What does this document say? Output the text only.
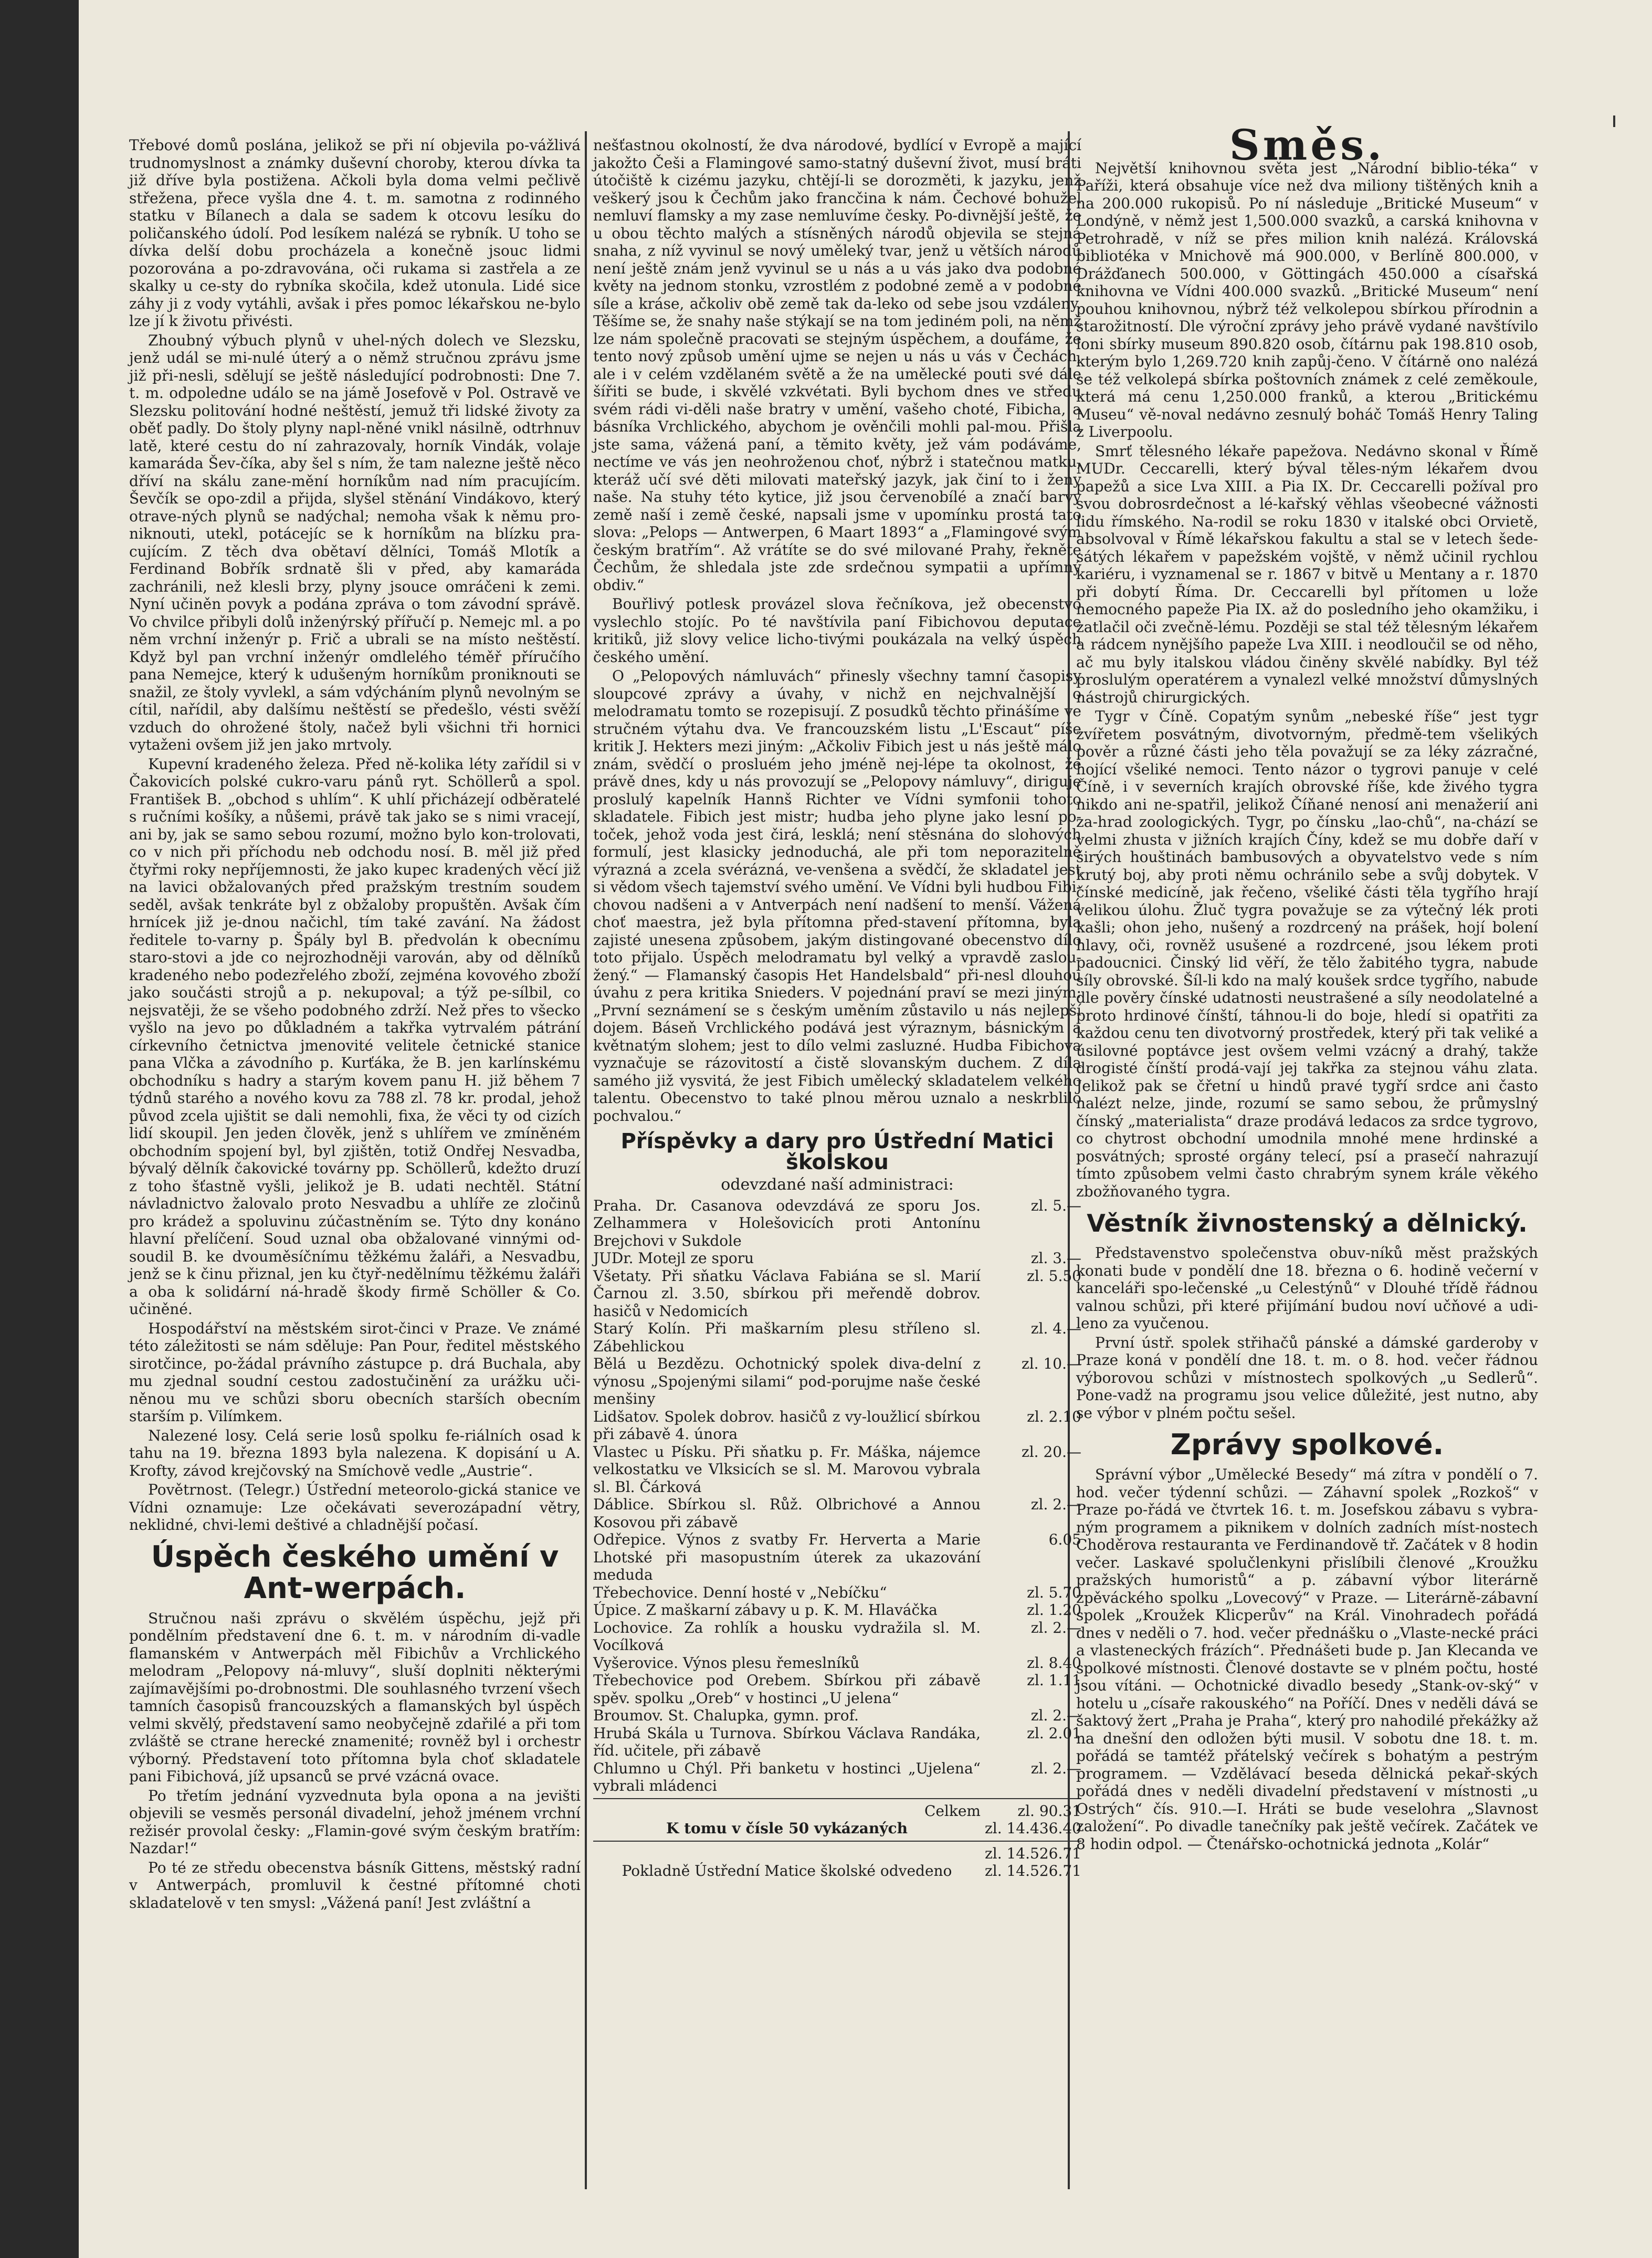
Třebové domů poslána, jelikož se při ní objevila po-vážlivá trudnomyslnost a známky duševní choroby, kterou dívka ta již dříve byla postižena. Ačkoli byla doma velmi pečlivě střežena, přece vyšla dne 4. t. m. samotna z rodinného statku v Bílanech a dala se sadem k otcovu lesíku do poličanského údolí. Pod lesíkem nalézá se rybník. U toho se dívka delší dobu procházela a konečně jsouc lidmi pozorována a po-zdravována, oči rukama si zastřela a ze skalky u ce-sty do rybníka skočila, kdež utonula. Lidé sice záhy ji z vody vytáhli, avšak i přes pomoc lékařskou ne-bylo lze jí k životu přivésti.

Zhoubný výbuch plynů v uhel-ných dolech ve Slezsku, jenž udál se mi-nulé úterý a o němž stručnou zprávu jsme již při-nesli, sdělují se ještě následující podrobnosti: Dne 7. t. m. odpoledne událo se na jámě Josefově v Pol. Ostravě ve Slezsku politování hodné neštěstí, jemuž tři lidské životy za oběť padly. Do štoly plyny napl-něné vnikl násilně, odtrhnuv latě, které cestu do ní zahrazovaly, horník Vindák, volaje kamaráda Šev-číka, aby šel s ním, že tam nalezne ještě něco dříví na skálu zane-mění horníkům nad ním pracujícím. Ševčík se opo-zdil a přijda, slyšel stěnání Vindákovo, který otrave-ných plynů se nadýchal; nemoha však k němu pro-niknouti, utekl, potácejíc se k horníkům na blízku pra-cujícím. Z těch dva obětaví dělníci, Tomáš Mlotík a Ferdinand Bobřík srdnatě šli v před, aby kamaráda zachránili, než klesli brzy, plyny jsouce omráčeni k zemi. Nyní učiněn povyk a podána zpráva o tom závodní správě. Vo chvilce přibyli dolů inženýrský přířučí p. Nemejc ml. a po něm vrchní inženýr p. Frič a ubrali se na místo neštěstí. Když byl pan vrchní inženýr omdlelého téměř příručího pana Nemejce, který k udušeným horníkům proniknouti se snažil, ze štoly vyvlekl, a sám vdýcháním plynů nevolným se cítil, nařídil, aby dalšímu neštěstí se předešlo, vésti svěží vzduch do ohrožené štoly, načež byli všichni tři hornici vytaženi ovšem již jen jako mrtvoly.

Kupevní kradeného železa. Před ně-kolika léty zařídil si v Čakovicích polské cukro-varu pánů ryt. Schöllerů a spol. František B. „obchod s uhlím“. K uhlí přicházejí odběratelé s ručními košíky, a nůšemi, právě tak jako se s nimi vracejí, ani by, jak se samo sebou rozumí, možno bylo kon-trolovati, co v nich při příchodu neb odchodu nosí. B. měl již před čtyřmi roky nepříjemnosti, že jako kupec kradených věcí již na lavici obžalovaných před pražským trestním soudem seděl, avšak tenkráte byl z obžaloby propuštěn. Avšak čím hrnícek již je-dnou načichl, tím také zavání. Na žádost ředitele to-varny p. Špály byl B. předvolán k obecnímu staro-stovi a jde co nejrozhodněji varován, aby od dělníků kradeného nebo podezřelého zboží, zejména kovového zboží jako součásti strojů a p. nekupoval; a týž pe-sílbil, co nejsvatěji, že se všeho podobného zdrží. Než přes to všecko vyšlo na jevo po důkladném a takřka vytrvalém pátrání církevního četnictva jmenovité velitele četnické stanice pana Vlčka a závodního p. Kurťáka, že B. jen karlínskému obchodníku s hadry a starým kovem panu H. již během 7 týdnů starého a nového kovu za 788 zl. 78 kr. prodal, jehož původ zcela ujištit se dali nemohli, fixa, že věci ty od cizích lidí skoupil. Jen jeden člověk, jenž s uhlířem ve zmíněném obchodním spojení byl, byl zjištěn, totiž Ondřej Nesvadba, bývalý dělník čakovické továrny pp. Schöllerů, kdežto druzí z toho šťastně vyšli, jelikož je B. udati nechtěl. Státní návladnictvo žalovalo proto Nesvadbu a uhlíře ze zločinů pro krádež a spoluvinu zúčastněním se. Týto dny konáno hlavní přelíčení. Soud uznal oba obžalované vinnými od-soudil B. ke dvouměsíčnímu těžkému žaláři, a Nesvadbu, jenž se k činu přiznal, jen ku čtyř-nedělnímu těžkému žaláři a oba k solidární ná-hradě škody firmě Schöller & Co. učiněné.

Hospodářství na městském sirot-činci v Praze. Ve známé této záležitosti se nám sděluje: Pan Pour, ředitel městského sirotčince, po-žádal právního zástupce p. drá Buchala, aby mu zjednal soudní cestou zadostučinění za urážku uči-něnou mu ve schůzi sboru obecních starších obecním starším p. Vilímkem.

Nalezené losy. Celá serie losů spolku fe-riálních osad k tahu na 19. března 1893 byla nalezena. K dopisání u A. Krofty, závod krejčovský na Smíchově vedle „Austrie“.

Povětrnost. (Telegr.) Ústřední meteorolo-gická stanice ve Vídni oznamuje: Lze očekávati severozápadní větry, neklidné, chvi-lemi deštivé a chladnější počasí.

Úspěch českého umění v Ant-werpách.

Stručnou naši zprávu o skvělém úspěchu, jejž při pondělním představení dne 6. t. m. v národním di-vadle flamanském v Antwerpách měl Fibichův a Vrchlického melodram „Pelopovy ná-mluvy“, sluší doplniti některými zajímavějšími po-drobnostmi. Dle souhlasného tvrzení všech tamních časopisů francouzských a flamanských byl úspěch velmi skvělý, představení samo neobyčejně zdařilé a při tom zvláště se ctrane herecké znamenité; rovněž byl i orchestr výborný. Představení toto přítomna byla choť skladatele pani Fibichová, jíž upsanců se prvé vzácná ovace.

Po třetím jednání vyzvednuta byla opona a na jevišti objevili se vesměs personál divadelní, jehož jménem vrchní režisér provolal česky: „Flamin-gové svým českým bratřím: Nazdar!“

Po té ze středu obecenstva básník Gittens, městský radní v Antwerpách, promluvil k čestné přítomné choti skladatelově v ten smysl: „Vážená paní! Jest zvláštní a

nešťastnou okolností, že dva národové, bydlící v Evropě a mající jakožto Češi a Flamingové samo-statný duševní život, musí bráti útočiště k cizému jazyku, chtějí-li se dorozměti, k jazyku, jenž veškerý jsou k Čechům jako francčina k nám. Čechové bohužel nemluví flamsky a my zase nemluvíme česky. Po-divnější ještě, že u obou těchto malých a stísněných národů objevila se stejná snaha, z níž vyvinul se nový uměleký tvar, jenž u větších národů není ještě znám jenž vyvinul se u nás a u vás jako dva podobné květy na jednom stonku, vzrostlém z podobné země a v podobné síle a kráse, ačkoliv obě země tak da-leko od sebe jsou vzdáleny. Těšíme se, že snahy naše stýkají se na tom jediném poli, na němž lze nám společně pracovati se stejným úspěchem, a doufáme, že tento nový způsob umění ujme se nejen u nás u vás v Čechách, ale i v celém vzdělaném světě a že na umělecké pouti své dále šířiti se bude, i skvělé vzkvétati. Byli bychom dnes ve středu svém rádi vi-děli naše bratry v umění, vašeho choté, Fibicha, a básníka Vrchlického, abychom je ověnčili mohli pal-mou. Přišla jste sama, vážená paní, a těmito květy, jež vám podáváme, nectíme ve vás jen neohroženou choť, nýbrž i statečnou matku, kteráž učí své děti milovati mateřský jazyk, jak činí to i ženy naše. Na stuhy této kytice, již jsou červenobílé a značí barvy země naší i země české, napsali jsme v upomínku prostá tato slova: „Pelops — Antwerpen, 6 Maart 1893“ a „Flamingové svým českým bratřím“. Až vrátíte se do své milované Prahy, řekněte Čechům, že shledala jste zde srdečnou sympatii a upřímný obdiv.“

Bouřlivý potlesk provázel slova řečníkova, jež obecenstvo vyslechlo stojíc. Po té navštívila paní Fibichovou deputace kritiků, již slovy velice licho-tivými poukázala na velký úspěch českého umění.

O „Pelopových námluvách“ přinesly všechny tamní časopisy sloupcové zprávy a úvahy, v nichž en nejchvalnější o melodramatu tomto se rozepisují. Z posudků těchto přinášíme ve stručném výtahu dva. Ve francouzském listu „L'Escaut“ píše kritik J. Hekters mezi jiným: „Ačkoliv Fibich jest u nás ještě málo znám, svědčí o prosluém jeho jméně nej-lépe ta okolnost, že právě dnes, kdy u nás provozují se „Pelopovy námluvy“, diriguje proslulý kapelník Hannš Richter ve Vídni symfonii tohoto skladatele. Fibich jest mistr; hudba jeho plyne jako lesní po-toček, jehož voda jest čirá, lesklá; není stěsnána do slohových formulí, jest klasicky jednoduchá, ale při tom neporazitelně výrazná a zcela svérázná, ve-venšena a svědčí, že skladatel jest si vědom všech tajemství svého umění. Ve Vídni byli hudbou Fibi-chovou nadšeni a v Antverpách není nadšení to menší. Vážená choť maestra, jež byla přítomna před-stavení přítomna, byla zajisté unesena způsobem, jakým distingované obecenstvo dílo toto přijalo. Úspěch melodramatu byl velký a vpravdě zaslou-žený.“ — Flamanský časopis Het Handelsbald“ při-nesl dlouhou úvahu z pera kritika Snieders. V pojednání praví se mezi jiným: „První seznámení se s českým uměním zůstavilo u nás nejlepší dojem. Báseň Vrchlického podává jest výraznym, básnickým a květnatým slohem; jest to dílo velmi zasluzné. Hudba Fibichova vyznačuje se rázovitostí a čistě slovanským duchem. Z díla samého již vysvitá, že jest Fibich umělecký skladatelem velkého talentu. Obecenstvo to také plnou měrou uznalo a neskrblilo pochvalou.“

Příspěvky a dary pro Ústřední Matici školskou
odevzdané naší administraci:
Praha. Dr. Casanova odevzdává ze sporu Jos. Zelhammera v Holešovicích proti Antonínu Brejchovi v Sukdole	zl. 5.—
JUDr. Motejl ze sporu	zl. 3.—
Všetaty. Při sňatku Václava Fabiána se sl. Marií Čarnou zl. 3.50, sbírkou při meřendě dobrov. hasičů v Nedomicích	zl. 5.50
Starý Kolín. Při maškarním plesu stříleno sl. Zábehlickou	zl. 4.—
Bělá u Bezdězu. Ochotnický spolek diva-delní z výnosu „Spojenými silami“ pod-porujme naše české menšiny	zl. 10.—
Lidšatov. Spolek dobrov. hasičů z vy-loužlicí sbírkou při zábavě 4. února	zl. 2.10
Vlastec u Písku. Při sňatku p. Fr. Máška, nájemce velkostatku ve Vlksicích se sl. M. Marovou vybrala sl. Bl. Čárková	zl. 20.—
Dáblice. Sbírkou sl. Růž. Olbrichové a Annou Kosovou při zábavě	zl. 2.—
Odřepice. Výnos z svatby Fr. Herverta a Marie Lhotské při masopustním úterek za ukazování meduda	6.05
Třebechovice. Denní hosté v „Nebíčku“	zl. 5.70
Úpice. Z maškarní zábavy u p. K. M. Hlaváčka	zl. 1.20
Lochovice. Za rohlík a housku vydražila sl. M. Vocílková	zl. 2.—
Vyšerovice. Výnos plesu řemeslníků	zl. 8.40
Třebechovice pod Orebem. Sbírkou při zábavě spěv. spolku „Oreb“ v hostinci „U jelena“	zl. 1.11
Broumov. St. Chalupka, gymn. prof.	zl. 2.—
Hrubá Skála u Turnova. Sbírkou Václava Randáka, říd. učitele, při zábavě	zl. 2.01
Chlumno u Chýl. Při banketu v hostinci „Ujelena“ vybrali mládenci	zl. 2.—

Celkem	zl. 90.31
K tomu v čísle 50 vykázaných	zl. 14.436.40

	zl. 14.526.71
Pokladně Ústřední Matice školské odvedeno	zl. 14.526.71
Směs.

Největší knihovnou světa jest „Národní biblio-téka“ v Paříži, která obsahuje více než dva miliony tištěných knih a na 200.000 rukopisů. Po ní následuje „Britické Museum“ v Londýně, v němž jest 1,500.000 svazků, a carská knihovna v Petrohradě, v níž se přes milion knih nalézá. Královská bibliotéka v Mnichově má 900.000, v Berlíně 800.000, v Drážďanech 500.000, v Göttingách 450.000 a císařská knihovna ve Vídni 400.000 svazků. „Britické Museum“ není pouhou knihovnou, nýbrž též velkolepou sbírkou přírodnin a starožitností. Dle výroční zprávy jeho právě vydané navštívilo loni sbírky museum 890.820 osob, čítárnu pak 198.810 osob, kterým bylo 1,269.720 knih zapůj-čeno. V čítárně ono nalézá se též velkolepá sbírka poštovních známek z celé zeměkoule, která má cenu 1,250.000 franků, a kterou „Britickému Museu“ vě-noval nedávno zesnulý boháč Tomáš Henry Taling z Liverpoolu.

Smrť tělesného lékaře papežova. Nedávno skonal v Římě MUDr. Ceccarelli, který býval těles-ným lékařem dvou papežů a sice Lva XIII. a Pia IX. Dr. Ceccarelli požíval pro svou dobrosrdečnost a lé-kařský věhlas všeobecné vážnosti lidu římského. Na-rodil se roku 1830 v italské obci Orvietě, absolvoval v Římě lékařskou fakultu a stal se v letech šede-sátých lékařem v papežském vojště, v němž učinil rychlou kariéru, i vyznamenal se r. 1867 v bitvě u Mentany a r. 1870 při dobytí Říma. Dr. Ceccarelli byl přítomen u lože nemocného papeže Pia IX. až do posledního jeho okamžiku, i zatlačil oči zvečně-lému. Později se stal též tělesným lékařem a rádcem nynějšího papeže Lva XIII. i neodloučil se od něho, ač mu byly italskou vládou činěny skvělé nabídky. Byl též proslulým operatérem a vynalezl velké množství důmyslných nástrojů chirurgických.

Tygr v Číně. Copatým synům „nebeské říše“ jest tygr zvířetem posvátným, divotvorným, předmě-tem všelikých pověr a různé části jeho těla považují se za léky zázračné, hojící všeliké nemoci. Tento názor o tygrovi panuje v celé Číně, i v severních krajích obrovské říše, kde živého tygra nikdo ani ne-spatřil, jelikož Číňané nenosí ani menažerií ani za-hrad zoologických. Tygr, po čínsku „lao-chů“, na-chází se velmi zhusta v jižních krajích Číny, kdež se mu dobře daří v širých houštinách bambusových a obyvatelstvo vede s ním krutý boj, aby proti němu ochránilo sebe a svůj dobytek. V čínské medicíně, jak řečeno, všeliké části těla tygřího hrají velikou úlohu. Žluč tygra považuje se za výtečný lék proti kašli; ohon jeho, nušený a rozdrcený na prášek, hojí bolení hlavy, oči, rovněž usušené a rozdrcené, jsou lékem proti padoucnici. Činský lid věří, že tělo žabitého tygra, nabude síly obrovské. Šíl-li kdo na malý koušek srdce tygřího, nabude dle pověry čínské udatnosti neustrašené a síly neodolatelné a proto hrdinové čínští, táhnou-li do boje, hledí si opatřiti za každou cenu ten divotvorný prostředek, který při tak veliké a úsilovné poptávce jest ovšem velmi vzácný a drahý, takže drogisté čínští prodá-vají jej takřka za stejnou váhu zlata. Jelikož pak se čřetní u hindů pravé tygří srdce ani často nalézt nelze, jinde, rozumí se samo sebou, že průmyslný čínský „materialista“ draze prodává ledacos za srdce tygrovo, co chytrost obchodní umodnila mnohé mene hrdinské a posvátných; sprosté orgány telecí, psí a prasečí nahrazují tímto způsobem velmi často chrabrým synem krále věkého zbožňovaného tygra.

Věstník živnostenský a dělnický.

Představenstvo společenstva obuv-níků měst pražských konati bude v pondělí dne 18. března o 6. hodině večerní v kanceláři spo-lečenské „u Celestýnů“ v Dlouhé třídě řádnou valnou schůzi, při které přijímání budou noví učňové a udi-leno za vyučenou.

První ústř. spolek střihačů pánské a dámské garderoby v Praze koná v pondělí dne 18. t. m. o 8. hod. večer řádnou výborovou schůzi v místnostech spolkových „u Sedlerů“. Pone-vadž na programu jsou velice důležité, jest nutno, aby se výbor v plném počtu sešel.

Zprávy spolkové.

Správní výbor „Umělecké Besedy“ má zítra v pondělí o 7. hod. večer týdenní schůzi. — Záhavní spolek „Rozkoš“ v Praze po-řádá ve čtvrtek 16. t. m. Josefskou zábavu s vybra-ným programem a piknikem v dolních zadních míst-nostech Choděrova restauranta ve Ferdinandově tř. Začátek v 8 hodin večer. Laskavé spolučlenkyni přislíbili členové „Kroužku pražských humoristů“ a p. zábavní výbor literárně zpěváckého spolku „Lovecový“ v Praze. — Literárně-zábavní spolek „Kroužek Klicperův“ na Král. Vinohradech pořádá dnes v neděli o 7. hod. večer přednášku o „Vlaste-necké práci a vlasteneckých frázích“. Přednášeti bude p. Jan Klecanda ve spolkové místnosti. Členové dostavte se v plném počtu, hosté jsou vítáni. — Ochotnické divadlo besedy „Stank-ov-ský“ v hotelu u „císaře rakouského“ na Poříčí. Dnes v neděli dává se šaktový žert „Praha je Praha“, který pro nahodilé překážky až na dnešní den odložen býti musil. V sobotu dne 18. t. m. pořádá se tamtéž přátelský večírek s bohatým a pestrým programem. — Vzdělávací beseda dělnická pekař-ských pořádá dnes v neděli divadelní představení v místnosti „u Ostrých“ čís. 910.—I. Hráti se bude veselohra „Slavnost založení“. Po divadle tanečníky pak ještě večírek. Začátek ve 8 hodin odpol. — Čtenářsko-ochotnická jednota „Kolár“
